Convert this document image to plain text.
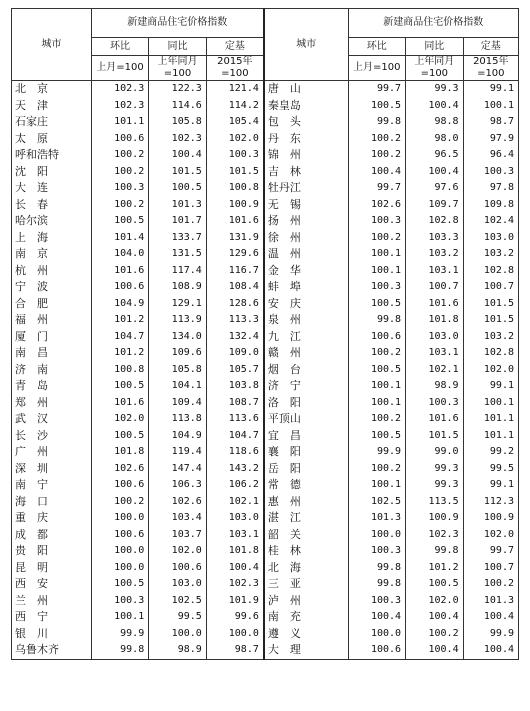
城市	新建商品住宅价格指数			城市	新建商品住宅价格指数		
	环比	同比	定基		环比	同比	定基
	上月=100	上年同月=100	2015年=100		上月=100	上年同月=100	2015年=100
北　京	102.3	122.3	121.4	唐　山	99.7	99.3	99.1
天　津	102.3	114.6	114.2	秦皇岛	100.5	100.4	100.1
石家庄	101.1	105.8	105.4	包　头	99.8	98.8	98.7
太　原	100.6	102.3	102.0	丹　东	100.2	98.0	97.9
呼和浩特	100.2	100.4	100.3	锦　州	100.2	96.5	96.4
沈　阳	100.2	101.5	101.5	吉　林	100.4	100.4	100.3
大　连	100.3	100.5	100.8	牡丹江	99.7	97.6	97.8
长　春	100.2	101.3	100.9	无　锡	102.6	109.7	109.8
哈尔滨	100.5	101.7	101.6	扬　州	100.3	102.8	102.4
上　海	101.4	133.7	131.9	徐　州	100.2	103.3	103.0
南　京	104.0	131.5	129.6	温　州	100.1	103.2	103.2
杭　州	101.6	117.4	116.7	金　华	100.1	103.1	102.8
宁　波	100.6	108.9	108.4	蚌　埠	100.3	100.7	100.7
合　肥	104.9	129.1	128.6	安　庆	100.5	101.6	101.5
福　州	101.2	113.9	113.3	泉　州	99.8	101.8	101.5
厦　门	104.7	134.0	132.4	九　江	100.6	103.0	103.2
南　昌	101.2	109.6	109.0	赣　州	100.2	103.1	102.8
济　南	100.8	105.8	105.7	烟　台	100.5	102.1	102.0
青　岛	100.5	104.1	103.8	济　宁	100.1	98.9	99.1
郑　州	101.6	109.4	108.7	洛　阳	100.1	100.3	100.1
武　汉	102.0	113.8	113.6	平顶山	100.2	101.6	101.1
长　沙	100.5	104.9	104.7	宜　昌	100.5	101.5	101.1
广　州	101.8	119.4	118.6	襄　阳	99.9	99.0	99.2
深　圳	102.6	147.4	143.2	岳　阳	100.2	99.3	99.5
南　宁	100.6	106.3	106.2	常　德	100.1	99.3	99.1
海　口	100.2	102.6	102.1	惠　州	102.5	113.5	112.3
重　庆	100.0	103.4	103.0	湛　江	101.3	100.9	100.9
成　都	100.6	103.7	103.1	韶　关	100.0	102.3	102.0
贵　阳	100.0	102.0	101.8	桂　林	100.3	99.8	99.7
昆　明	100.0	100.6	100.4	北　海	99.8	101.2	100.7
西　安	100.5	103.0	102.3	三　亚	99.8	100.5	100.2
兰　州	100.3	102.5	101.9	泸　州	100.3	102.0	101.3
西　宁	100.1	99.5	99.6	南　充	100.4	100.4	100.4
银　川	99.9	100.0	100.0	遵　义	100.0	100.2	99.9
乌鲁木齐	99.8	98.9	98.7	大　理	100.6	100.4	100.4
